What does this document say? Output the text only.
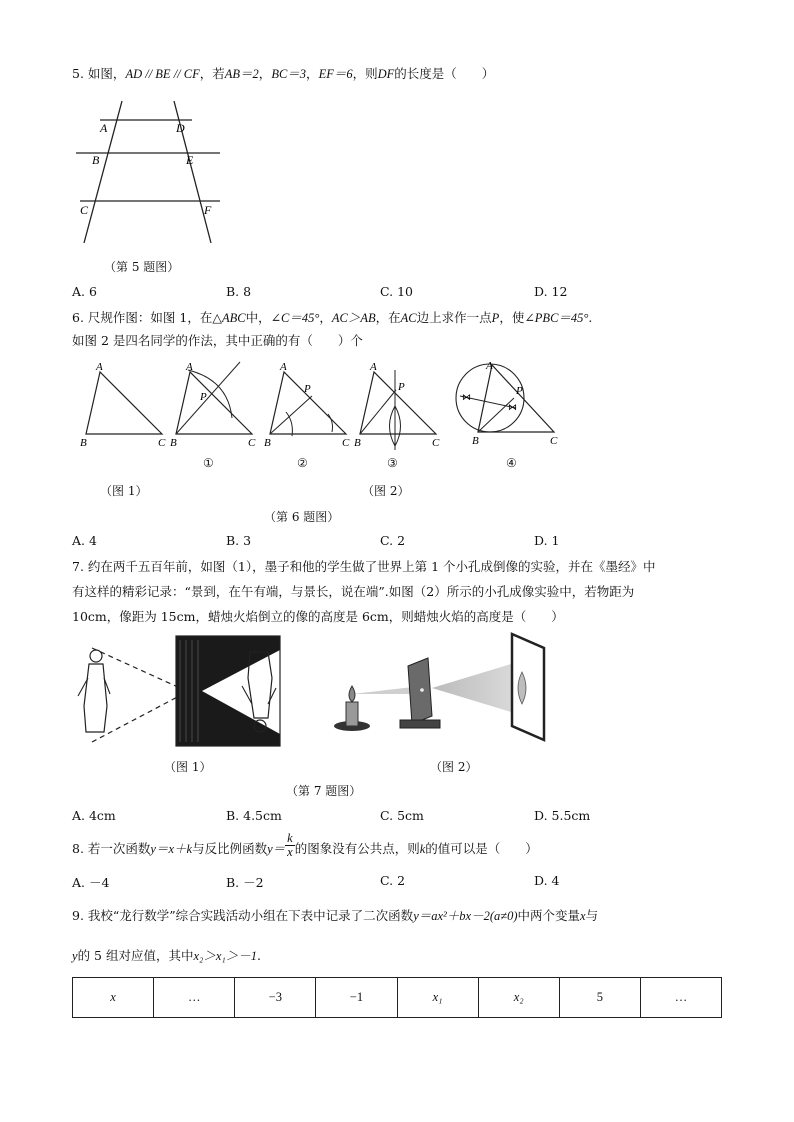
5. 如图，AD // BE // CF，若AB＝2，BC＝3，EF＝6，则DF的长度是（　　）
A	D
B	E
C	F
（第 5 题图）
A. 6	B. 8	C. 10	D. 12
6. 尺规作图：如图 1，在△ABC中，∠C＝45°，AC＞AB，在AC边上求作一点P，使∠PBC＝45°.
如图 2 是四名同学的作法，其中正确的有（　　）个
A
B	C
A
P
B	C
①
A
P
B	C
②
A
P
B	C
③
⋈
⋈
A
P
B	C
④
（图 1）	（图 2）
（第 6 题图）
A. 4	B. 3	C. 2	D. 1
7. 约在两千五百年前，如图（1），墨子和他的学生做了世界上第 1 个小孔成倒像的实验，并在《墨经》中
有这样的精彩记录：“景到，在午有端，与景长，说在端”.如图（2）所示的小孔成像实验中，若物距为
10cm，像距为 15cm，蜡烛火焰倒立的像的高度是 6cm，则蜡烛火焰的高度是（　　）
（图 1）	（图 2）
（第 7 题图）
A. 4cm	B. 4.5cm	C. 5cm	D. 5.5cm
8. 若一次函数y＝x＋k与反比例函数$y= \frac{k}{x}$ 的图象没有公共点，则k的值可以是（　　）
A. －4	B. －2	C. 2	D. 4
9. 我校“龙行数学”综合实践活动小组在下表中记录了二次函数y＝ax²＋bx－2(a≠0)中两个变量x与
y的 5 组对应值，其中x₂＞x₁＞－1.
x	…	−3	−1	x₁	x₂	5	…
